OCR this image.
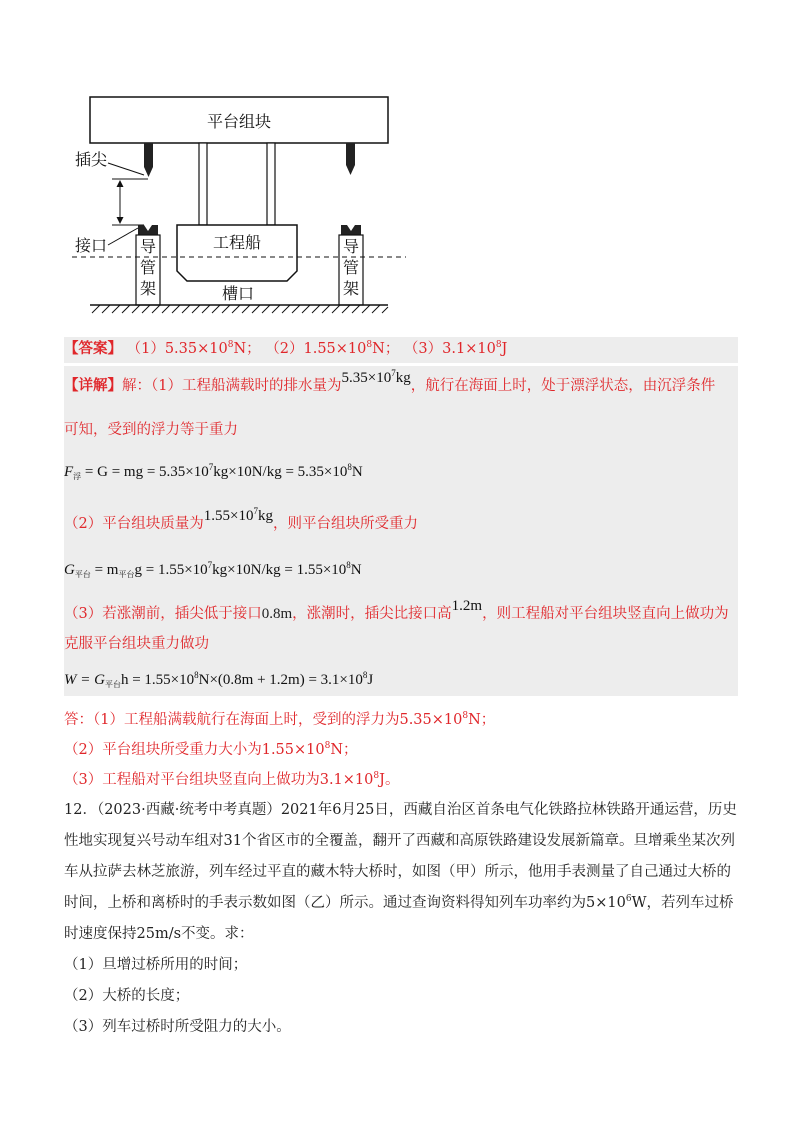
平台组块
插尖
接口 导
管
架
导
管
架
工程船
槽口
【答案】 $(1)5.35\times 10^8N$； $(2)1.55\times 10^8N$； $(3)3.1\times 10^8J$
【详解】解：（1）工程船满载时的排水量为$5.35\times 10^7kg$，航行在海面上时，处于漂浮状态，由沉浮条件
可知，受到的浮力等于重力
$F_浮 = G$ = mg = $5.35\times 10^7kg\times 10N/kg = 5.35\times 10^8N$
（2）平台组块质量为$1.55\times 10^7kg$，则平台组块所受重力
$G_{平台} = m_{平台}g = 1.55\times 10^7kg\times 10N/kg = 1.55\times 10^8N$
（3）若涨潮前，插尖低于接口0.8m，涨潮时，插尖比接口高1.2m，则工程船对平台组块竖直向上做功为
克服平台组块重力做功
$W = G_{平台}h = 1.55\times 10^8N\times(0.8m + 1.2m) = 3.1\times 10^8J$
答：（1）工程船满载航行在海面上时，受到的浮力为$5.35\times 10^8N$；
（2）平台组块所受重力大小为$1.55\times 10^8N$；
（3）工程船对平台组块竖直向上做功为$3.1\times 10^8J$。
12．（2023·西藏·统考中考真题）2021年6月25日，西藏自治区首条电气化铁路拉林铁路开通运营，历史
性地实现复兴号动车组对31个省区市的全覆盖，翻开了西藏和高原铁路建设发展新篇章。旦增乘坐某次列
车从拉萨去林芝旅游，列车经过平直的藏木特大桥时，如图（甲）所示，他用手表测量了自己通过大桥的
时间，上桥和离桥时的手表示数如图（乙）所示。通过查询资料得知列车功率约为$5\times 10^6W$，若列车过桥
时速度保持25m/s不变。求：
（1）旦增过桥所用的时间；
（2）大桥的长度；
（3）列车过桥时所受阻力的大小。
